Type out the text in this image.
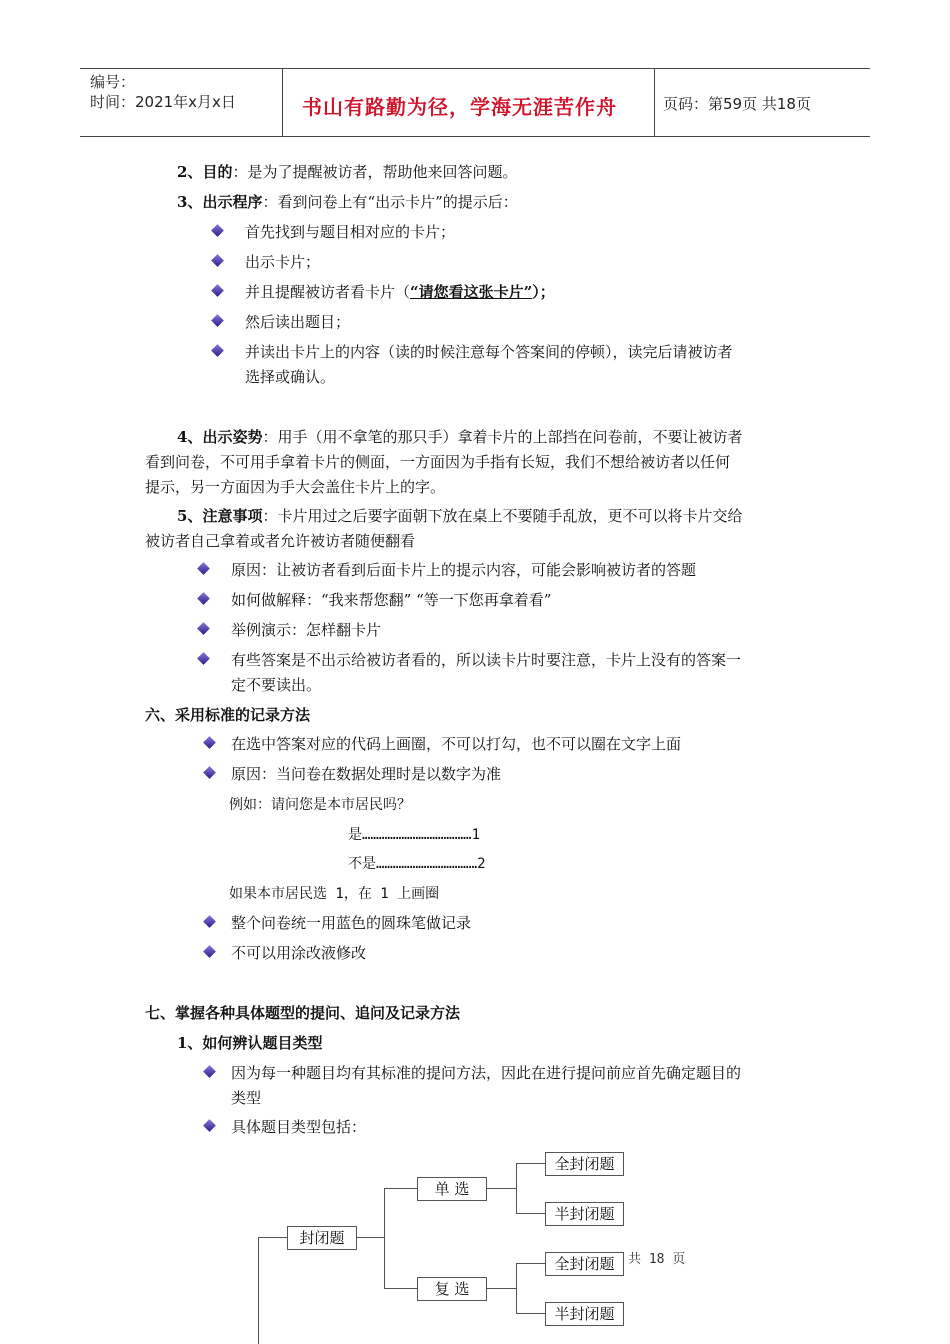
编号：
时间：2021年x月x日	书山有路勤为径，学海无涯苦作舟	页码：第59页 共18页
2、目的：是为了提醒被访者，帮助他来回答问题。
3、出示程序：看到问卷上有“出示卡片”的提示后：
首先找到与题目相对应的卡片；
出示卡片；
并且提醒被访者看卡片（“请您看这张卡片”）；
然后读出题目；
并读出卡片上的内容（读的时候注意每个答案间的停顿），读完后请被访者
选择或确认。
4、出示姿势：用手（用不拿笔的那只手）拿着卡片的上部挡在问卷前，不要让被访者
看到问卷，不可用手拿着卡片的侧面，一方面因为手指有长短，我们不想给被访者以任何
提示，另一方面因为手大会盖住卡片上的字。
5、注意事项：卡片用过之后要字面朝下放在桌上不要随手乱放，更不可以将卡片交给
被访者自己拿着或者允许被访者随便翻看
原因：让被访者看到后面卡片上的提示内容，可能会影响被访者的答题
如何做解释：“我来帮您翻” “等一下您再拿着看”
举例演示：怎样翻卡片
有些答案是不出示给被访者看的，所以读卡片时要注意，卡片上没有的答案一
定不要读出。
六、采用标准的记录方法
在选中答案对应的代码上画圈，不可以打勾，也不可以圈在文字上面
原因：当问卷在数据处理时是以数字为准
例如：请问您是本市居民吗？
是…………………………………1
不是………………………………2
如果本市居民选 1，在 1 上画圈
整个问卷统一用蓝色的圆珠笔做记录
不可以用涂改液修改
七、掌握各种具体题型的提问、追问及记录方法
1、如何辨认题目类型
因为每一种题目均有其标准的提问方法，因此在进行提问前应首先确定题目的
类型
具体题目类型包括：
封闭题
单 选
复 选
全封闭题
半封闭题
全封闭题
半封闭题
共 18 页
